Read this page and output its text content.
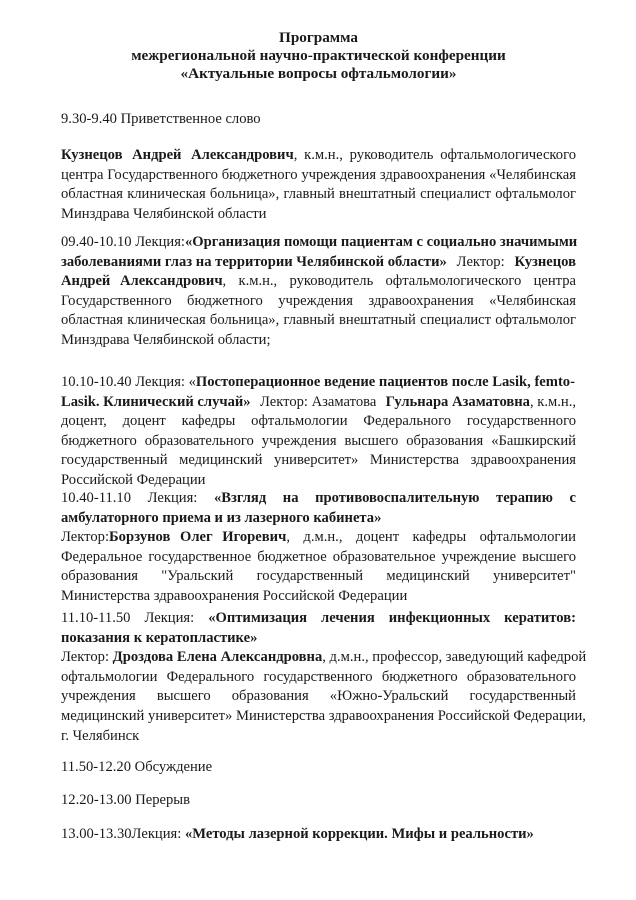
Программа
межрегиональной научно-практической конференции
«Актуальные вопросы офтальмологии»
9.30-9.40 Приветственное слово
Кузнецов Андрей Александрович , к.м.н., руководитель офтальмологического
центра Государственного бюджетного учреждения здравоохранения «Челябинская
областная клиническая больница», главный внештатный специалист офтальмолог
Минздрава Челябинской области
09.40-10.10 Лекция: «Организация помощи пациентам с социально значимыми
заболеваниями глаз на территории Челябинской области» Лектор: Кузнецов
Андрей Александрович , к.м.н., руководитель офтальмологического центра
Государственного бюджетного учреждения здравоохранения «Челябинская
областная клиническая больница», главный внештатный специалист офтальмолог
Минздрава Челябинской области;
10.10-10.40 Лекция: «Постоперационное ведение пациентов после Lasik, femto-
Lasik. Клинический случай» Лектор: Азаматова Гульнара Азаматовна, к.м.н.,
доцент, доцент кафедры офтальмологии Федерального государственного
бюджетного образовательного учреждения высшего образования «Башкирский
государственный медицинский университет» Министерства здравоохранения
Российской Федерации
10.40-11.10 Лекция: «Взгляд на противовоспалительную терапию с
амбулаторного приема и из лазерного кабинета»
Лектор: Борзунов Олег Игоревич , д.м.н., доцент кафедры офтальмологии
Федеральное государственное бюджетное образовательное учреждение высшего
образования "Уральский государственный медицинский университет"
Министерства здравоохранения Российской Федерации
11.10-11.50 Лекция: «Оптимизация лечения инфекционных кератитов:
показания к кератопластике»
Лектор: Дроздова Елена Александровна, д.м.н., профессор, заведующий кафедрой
офтальмологии Федерального государственного бюджетного образовательного
учреждения высшего образования «Южно-Уральский государственный
медицинский университет» Министерства здравоохранения Российской Федерации,
г. Челябинск
11.50-12.20 Обсуждение
12.20-13.00 Перерыв
13.00-13.30Лекция: «Методы лазерной коррекции. Мифы и реальности»
